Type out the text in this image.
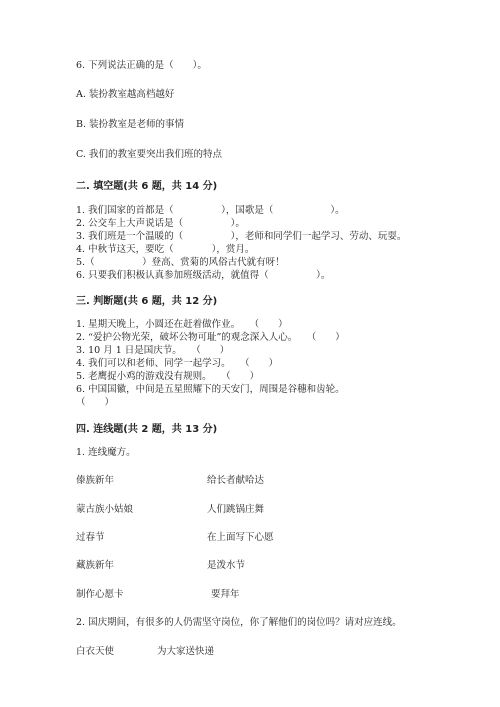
6. 下列说法正确的是（　　）。
A. 装扮教室越高档越好
B. 装扮教室是老师的事情
C. 我们的教室要突出我们班的特点
二. 填空题(共 6 题，共 14 分)
1. 我们国家的首都是（　　　　　），国歌是（　　　　　　）。
2. 公交车上大声说话是（　　　　　）。
3. 我们班是一个温暖的（　　　　　），老师和同学们一起学习、劳动、玩耍。
4. 中秋节这天，要吃（　　　　），赏月。
5.（　　　　　）登高、赏菊的风俗古代就有呀！
6. 只要我们积极认真参加班级活动，就值得（　　　　　）。
三. 判断题(共 6 题，共 12 分)
1. 星期天晚上，小圆还在赶着做作业。　　（　　）
2. “爱护公物光荣，破坏公物可耻”的观念深入人心。　　（　　）
3. 10 月 1 日是国庆节。　　（　　）
4. 我们可以和老师、同学一起学习。　　（　　）
5. 老鹰捉小鸡的游戏没有规则。　　（　　）
6. 中国国徽，中间是五星照耀下的天安门，周围是谷穗和齿轮。
（　　）
四. 连线题(共 2 题，共 13 分)
1. 连线魔方。
傣族新年	给长者献哈达
蒙古族小姑娘	人们跳锅庄舞
过春节	在上面写下心愿
藏族新年	是泼水节
制作心愿卡	要拜年
2. 国庆期间，有很多的人仍需坚守岗位，你了解他们的岗位吗？请对应连线。
白衣天使	为大家送快递
